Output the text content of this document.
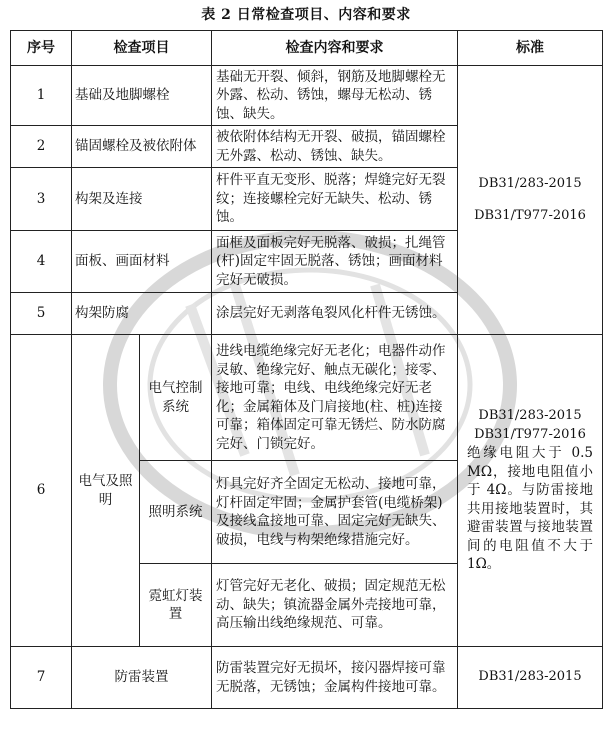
表 2 日常检查项目、内容和要求
序号	检查项目		检查内容和要求	标准
1	基础及地脚螺栓		基础无开裂、倾斜，钢筋及地脚螺栓无外露、松动、锈蚀，螺母无松动、锈蚀、缺失。	DB31/283-2015

DB31/T977-2016

2	锚固螺栓及被依附体		被依附体结构无开裂、破损，锚固螺栓无外露、松动、锈蚀、缺失。	
3	构架及连接		杆件平直无变形、脱落；焊缝完好无裂纹；连接螺栓完好无缺失、松动、锈蚀。	
4	面板、画面材料		面框及面板完好无脱落、破损；扎绳管(杆)固定牢固无脱落、锈蚀；画面材料完好无破损。	
5	构架防腐		涂层完好无剥落龟裂风化杆件无锈蚀。	
6	电气及照明	电气控制系统	进线电缆绝缘完好无老化；电器件动作灵敏、绝缘完好、触点无碳化；接零、接地可靠；电线、电线绝缘完好无老化；金属箱体及门肩接地(柱、桩)连接可靠；箱体固定可靠无锈烂、防水防腐完好、门锁完好。	DB31/283-2015

DB31/T977-2016

绝缘电阻大于 0.5 MΩ，接地电阻值小于 4Ω。与防雷接地共用接地装置时，其避雷装置与接地装置间的电阻值不大于 1Ω。

		照明系统	灯具完好齐全固定无松动、接地可靠，灯杆固定牢固；金属护套管(电缆桥架)及接线盒接地可靠、固定完好无缺失、破损，电线与构架绝缘措施完好。	
		霓虹灯装置	灯管完好无老化、破损；固定规范无松动、缺失；镇流器金属外壳接地可靠，高压输出线绝缘规范、可靠。	
7	防雷装置		防雷装置完好无损坏，接闪器焊接可靠无脱落，无锈蚀；金属构件接地可靠。	DB31/283-2015
